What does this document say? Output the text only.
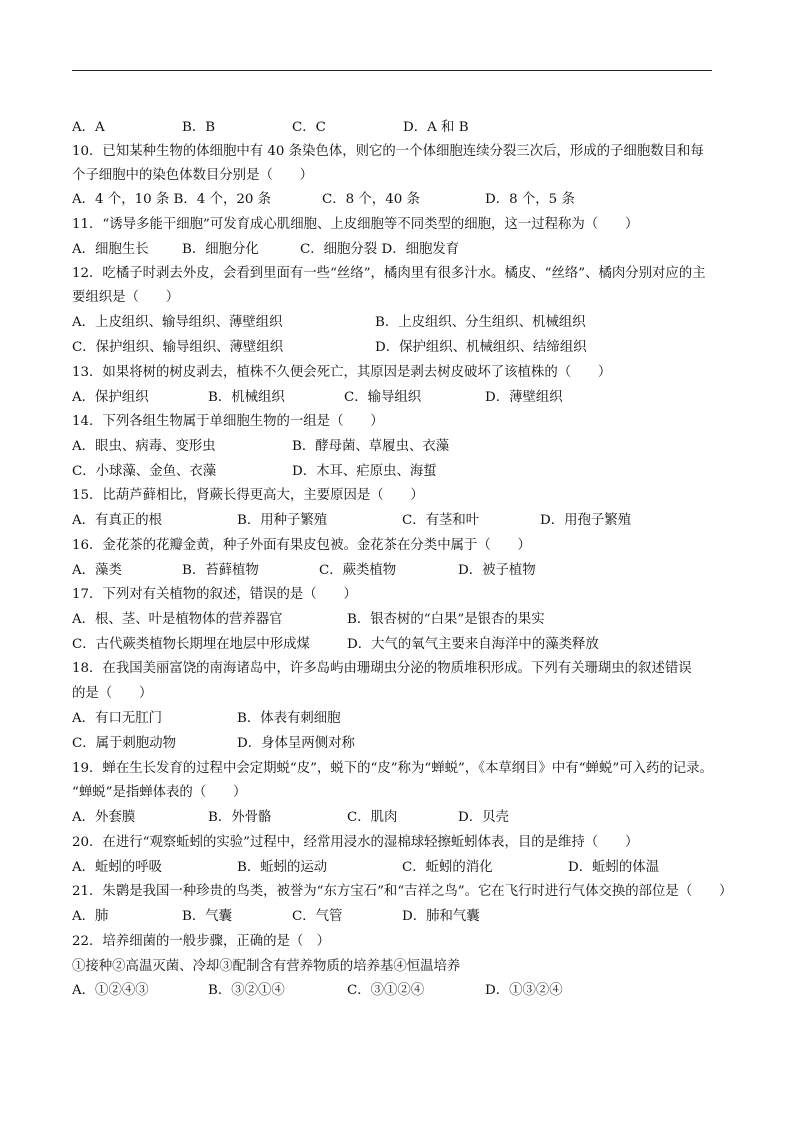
A．A	B．B	C．C	D．A 和 B
10．已知某种生物的体细胞中有 40 条染色体，则它的一个体细胞连续分裂三次后，形成的子细胞数目和每
个子细胞中的染色体数目分别是（　　）
A．4 个，10 条 B．4 个，20 条	C．8 个，40 条	D．8 个，5 条
11．“诱导多能干细胞”可发育成心肌细胞、上皮细胞等不同类型的细胞，这一过程称为（　　）
A．细胞生长 B．细胞分化	C．细胞分裂 D．细胞发育
12．吃橘子时剥去外皮，会看到里面有一些“丝络”，橘肉里有很多汁水。橘皮、“丝络”、橘肉分别对应的主
要组织是（　　）
A．上皮组织、输导组织、薄壁组织	B．上皮组织、分生组织、机械组织
C．保护组织、输导组织、薄壁组织	D．保护组织、机械组织、结缔组织
13．如果将树的树皮剥去，植株不久便会死亡，其原因是剥去树皮破坏了该植株的（　　）
A．保护组织	B．机械组织	C．输导组织	D．薄壁组织
14．下列各组生物属于单细胞生物的一组是（　　）
A．眼虫、病毒、变形虫	B．酵母菌、草履虫、衣藻
C．小球藻、金鱼、衣藻	D．木耳、疟原虫、海蜇
15．比葫芦藓相比，肾蕨长得更高大，主要原因是（　　）
A．有真正的根	B．用种子繁殖	C．有茎和叶	D．用孢子繁殖
16．金花茶的花瓣金黄，种子外面有果皮包被。金花茶在分类中属于（　　）
A．藻类	B．苔藓植物	C．蕨类植物	D．被子植物
17．下列对有关植物的叙述，错误的是（　　）
A．根、茎、叶是植物体的营养器官	B．银杏树的“白果”是银杏的果实
C．古代蕨类植物长期埋在地层中形成煤	D．大气的氧气主要来自海洋中的藻类释放
18．在我国美丽富饶的南海诸岛中，许多岛屿由珊瑚虫分泌的物质堆积形成。下列有关珊瑚虫的叙述错误
的是（　　）
A．有口无肛门	B．体表有刺细胞
C．属于刺胞动物	D．身体呈两侧对称
19．蝉在生长发育的过程中会定期蜕“皮”，蜕下的“皮”称为“蝉蜕”，《本草纲目》中有“蝉蜕”可入药的记录。
“蝉蜕”是指蝉体表的（　　）
A．外套膜	B．外骨骼	C．肌肉	D．贝壳
20．在进行“观察蚯蚓的实验”过程中，经常用浸水的湿棉球轻擦蚯蚓体表，目的是维持（　　）
A．蚯蚓的呼吸	B．蚯蚓的运动	C．蚯蚓的消化	D．蚯蚓的体温
21．朱鹮是我国一种珍贵的鸟类，被誉为“东方宝石”和“吉祥之鸟”。它在飞行时进行气体交换的部位是（　　）
A．肺	B．气囊	C．气管	D．肺和气囊
22．培养细菌的一般步骤，正确的是（　）
①接种②高温灭菌、冷却③配制含有营养物质的培养基④恒温培养
A．①②④③	B．③②①④	C．③①②④	D．①③②④
